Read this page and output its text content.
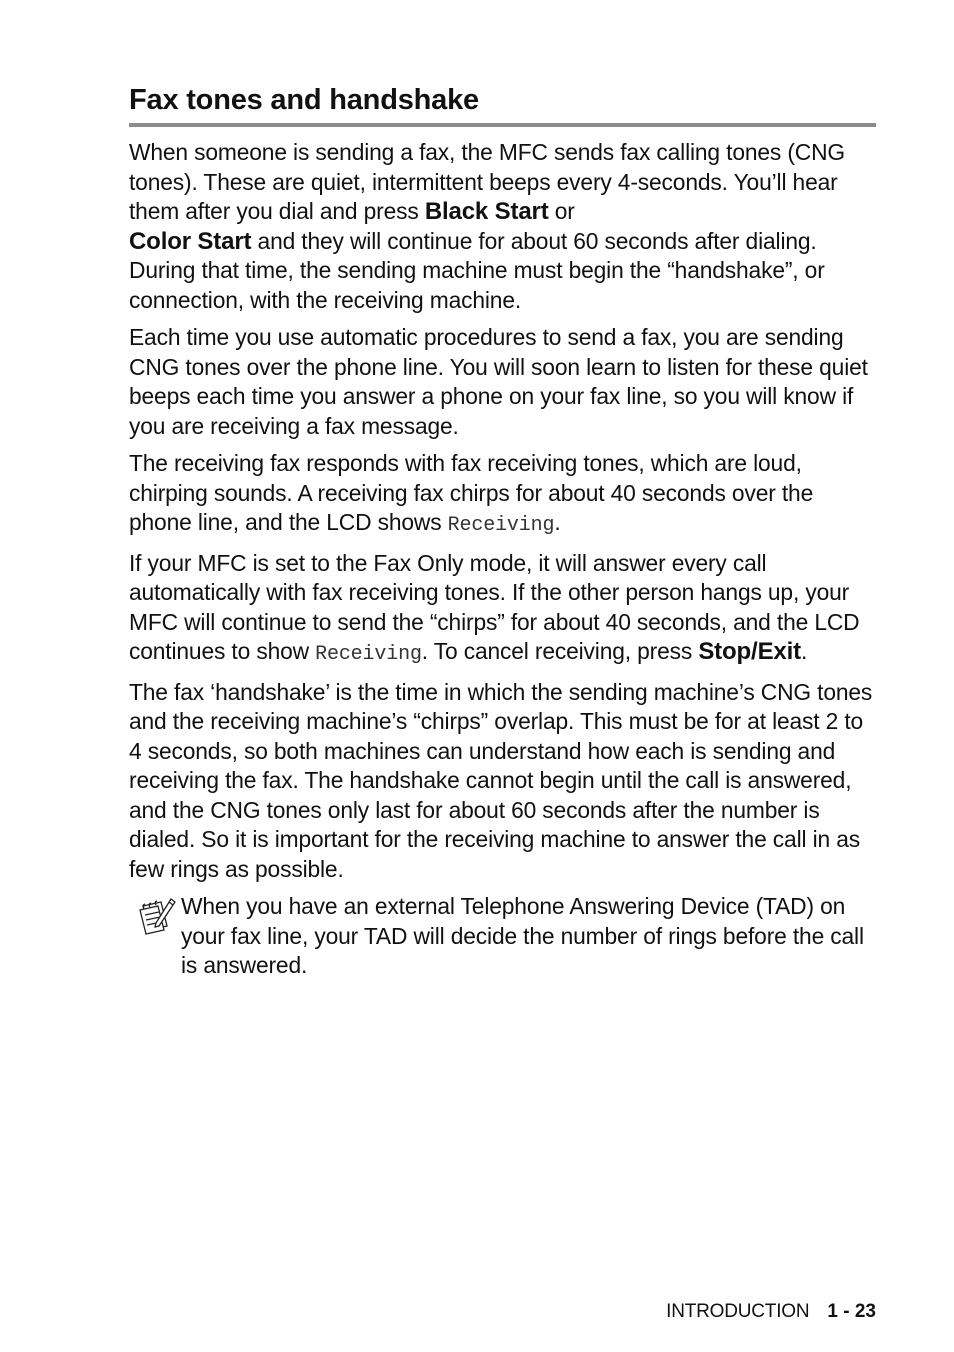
Fax tones and handshake

When someone is sending a fax, the MFC sends fax calling tones (CNG tones). These are quiet, intermittent beeps every 4-seconds. You’ll hear them after you dial and press Black Start or
Color Start and they will continue for about 60 seconds after dialing. During that time, the sending machine must begin the “handshake”, or connection, with the receiving machine.

Each time you use automatic procedures to send a fax, you are sending CNG tones over the phone line. You will soon learn to listen for these quiet beeps each time you answer a phone on your fax line, so you will know if you are receiving a fax message.

The receiving fax responds with fax receiving tones, which are loud, chirping sounds. A receiving fax chirps for about 40 seconds over the phone line, and the LCD shows Receiving.

If your MFC is set to the Fax Only mode, it will answer every call automatically with fax receiving tones. If the other person hangs up, your MFC will continue to send the “chirps” for about 40 seconds, and the LCD continues to show Receiving. To cancel receiving, press Stop/Exit.

The fax ‘handshake’ is the time in which the sending machine’s CNG tones and the receiving machine’s “chirps” overlap. This must be for at least 2 to 4 seconds, so both machines can understand how each is sending and receiving the fax. The handshake cannot begin until the call is answered, and the CNG tones only last for about 60 seconds after the number is dialed. So it is important for the receiving machine to answer the call in as few rings as possible.

When you have an external Telephone Answering Device (TAD) on your fax line, your TAD will decide the number of rings before the call is answered.

INTRODUCTION 1 - 23
